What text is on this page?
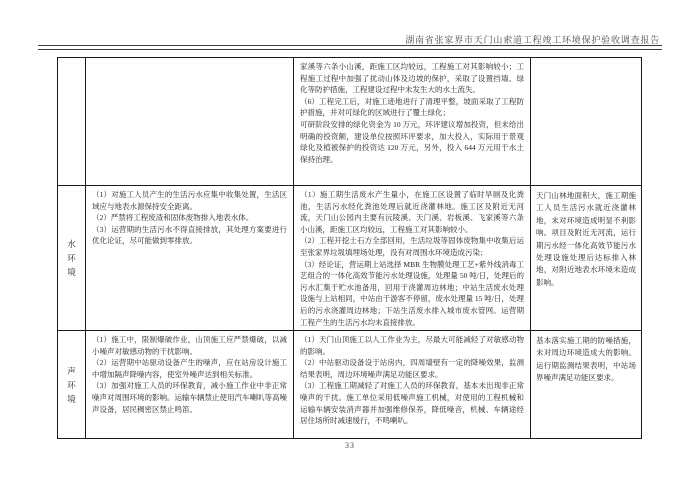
湖南省张家界市天门山索道工程竣工环境保护验收调查报告

家溪等六条小山溪，距施工区均较远，工程施工对其影响较小；工程施工过程中加强了扰动山体及边坡的保护，采取了设置挡墙、绿化等防护措施，工程建设过程中未发生大的水土流失。

（6）工程完工后，对施工迹地进行了清理平整，坡面采取了工程防护措施，并对可绿化的区域进行了覆土绿化；

可研阶段安排的绿化资金为 10 万元，环评建议增加投资，但未给出明确的投资额，建设单位按照环评要求，加大投入，实际用于景观绿化及植被保护的投资达 120 万元，另外，投入 644 万元用于水土保持治理。

水
环
境

（1）对施工人员产生的生活污水应集中收集处置，生活区域应与地表水源保持安全距离。

（2）严禁将工程废渣和固体废物排入地表水体。

（3）运营期的生活污水不得直接排放，其处理方案要进行优化论证，尽可能做到零排放。

（1）施工期生活废水产生量小，在施工区设置了临时旱厕及化粪池，生活污水经化粪池处理后就近浇灌林地。施工区及附近无河流，天门山公园内主要有沅陵溪、天门溪、岩板溪、飞家溪等六条小山溪，距施工区均较远，工程施工对其影响较小。

（2）工程开挖土石方全部回用，生活垃圾等固体废物集中收集后运至张家界垃圾填埋场处理，没有对周围水环境造成污染；

（3）经论证，营运期上站选择 MBR 生物膜处理工艺+紫外线消毒工艺组合的一体化高效节能污水处理设施，处理量 50 吨/日，处理后的污水汇集于贮水池备用，回用于浇灌周边林地；中站生活废水处理设施与上站相同，中站由于游客不停留，废水处理量 15 吨/日，处理后的污水浇灌周边林地；下站生活废水排入城市废水管网。运营期工程产生的生活污水均未直接排放。

天门山林地面积大，施工期施工人员生活污水就近浇灌林地，未对环境造成明显不利影响。项目及附近无河流，运行期污水经一体化高效节能污水处理设施处理后达标排入林地，对附近地表水环境未造成影响。

声
环
境

（1）施工中，限制爆破作业，山顶施工应严禁爆破，以减小噪声对敏感动物的干扰影响。

（2）运营期中站驱动设备产生的噪声，应在站房设计施工中增加隔声降噪内容，使室外噪声达到相关标准。

（3）加强对施工人员的环保教育，减小施工作业中非正常噪声对周围环境的影响。运输车辆禁止使用汽车喇叭等高噪声设备，居民稠密区禁止鸣笛。

（1）天门山顶施工以人工作业为主，尽最大可能减轻了对敏感动物的影响。

（2）中站驱动设备设于站房内，四周墙壁有一定的降噪效果，监测结果表明，周边环境噪声满足功能区要求。

（3）工程施工期减轻了对施工人员的环保教育，基本未出现非正常噪声的干扰。施工单位采用低噪声施工机械，对使用的工程机械和运输车辆安装消声器并加强维修保养，降低噪音，机械、车辆途经居住场所时减速缓行，不鸣喇叭。

基本落实施工期的防噪措施，未对周边环境造成大的影响。运行期监测结果表明，中站场界噪声满足功能区要求。

33
